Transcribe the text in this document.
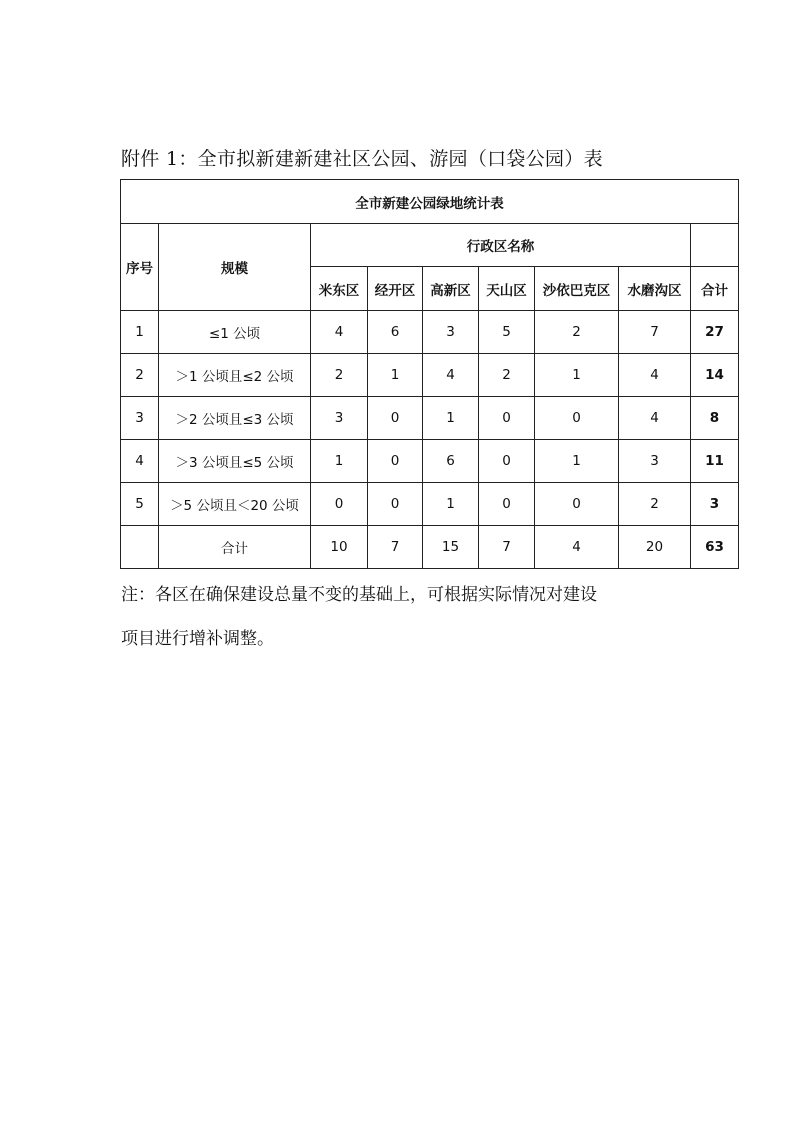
附件 1：全市拟新建新建社区公园、游园（口袋公园）表
全市新建公园绿地统计表								
序号	规模	行政区名称						
		米东区	经开区	高新区	天山区	沙依巴克区	水磨沟区	合计
1	≤1 公顷	4	6	3	5	2	7	27
2	＞1 公顷且≤2 公顷	2	1	4	2	1	4	14
3	＞2 公顷且≤3 公顷	3	0	1	0	0	4	8
4	＞3 公顷且≤5 公顷	1	0	6	0	1	3	11
5	＞5 公顷且＜20 公顷	0	0	1	0	0	2	3
	合计	10	7	15	7	4	20	63
注：各区在确保建设总量不变的基础上，可根据实际情况对建设
项目进行增补调整。
